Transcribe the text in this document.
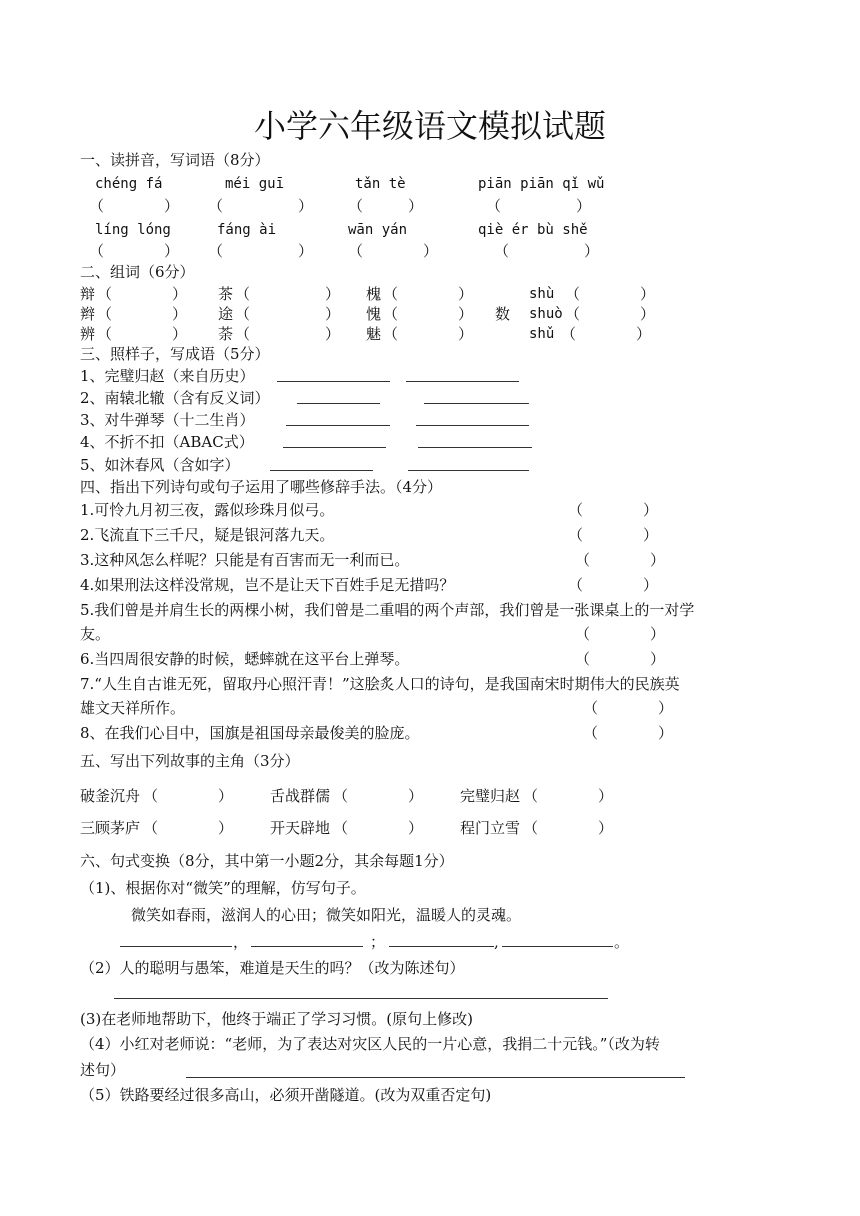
小学六年级语文模拟试题
一、读拼音，写词语（8分）
chéng fá	méi guī	tǎn tè	piān piān qǐ wǔ
（　　　　） （　　　　　） （　　　）	（　　　　　）
líng lóng	fáng ài	wān yán	qiè ér bù shě
（　　　　） （　　　　　） （　　　　）	（　　　　　）
二、组词（6分）
辩 （　　　　） 茶 （　　　　　） 槐 （　　　　）	shù （　　　　）
辫 （　　　　） 途 （　　　　　） 愧 （　　　　） 数 shuò （　　　　）
辨 （　　　　） 荼 （　　　　　） 魅 （　　　　）	shǔ （　　　　）
三、照样子，写成语（5分）
1、完璧归赵（来自历史）
2、南辕北辙（含有反义词）
3、对牛弹琴（十二生肖）
4、不折不扣（ABAC式）
5、如沐春风（含如字）
四、指出下列诗句或句子运用了哪些修辞手法。（4分）
1.可怜九月初三夜，露似珍珠月似弓。	（　　　　）
2.飞流直下三千尺，疑是银河落九天。	（　　　　）
3.这种风怎么样呢？只能是有百害而无一利而已。	（　　　　）
4.如果刑法这样没常规，岂不是让天下百姓手足无措吗？	（　　　　）
5.我们曾是并肩生长的两棵小树，我们曾是二重唱的两个声部，我们曾是一张课桌上的一对学
友。	（　　　　）
6.当四周很安静的时候，蟋蟀就在这平台上弹琴。	（　　　　）
7.“人生自古谁无死，留取丹心照汗青！”这脍炙人口的诗句，是我国南宋时期伟大的民族英
雄文天祥所作。	（　　　　）
8、在我们心目中，国旗是祖国母亲最俊美的脸庞。	（　　　　）
五、写出下列故事的主角（3分）
破釜沉舟 （　　　　） 舌战群儒 （　　　　） 完璧归赵 （　　　　）
三顾茅庐 （　　　　） 开天辟地 （　　　　） 程门立雪 （　　　　）
六、句式变换（8分，其中第一小题2分，其余每题1分）
（1)、根据你对“微笑”的理解，仿写句子。
微笑如春雨，滋润人的心田；微笑如阳光，温暖人的灵魂。
，	；	,	。
（2）人的聪明与愚笨，难道是天生的吗？（改为陈述句）
(3)在老师地帮助下，他终于端正了学习习惯。(原句上修改)
（4）小红对老师说：“老师，为了表达对灾区人民的一片心意，我捐二十元钱。”（改为转
述句）
（5）铁路要经过很多高山，必须开凿隧道。(改为双重否定句)
